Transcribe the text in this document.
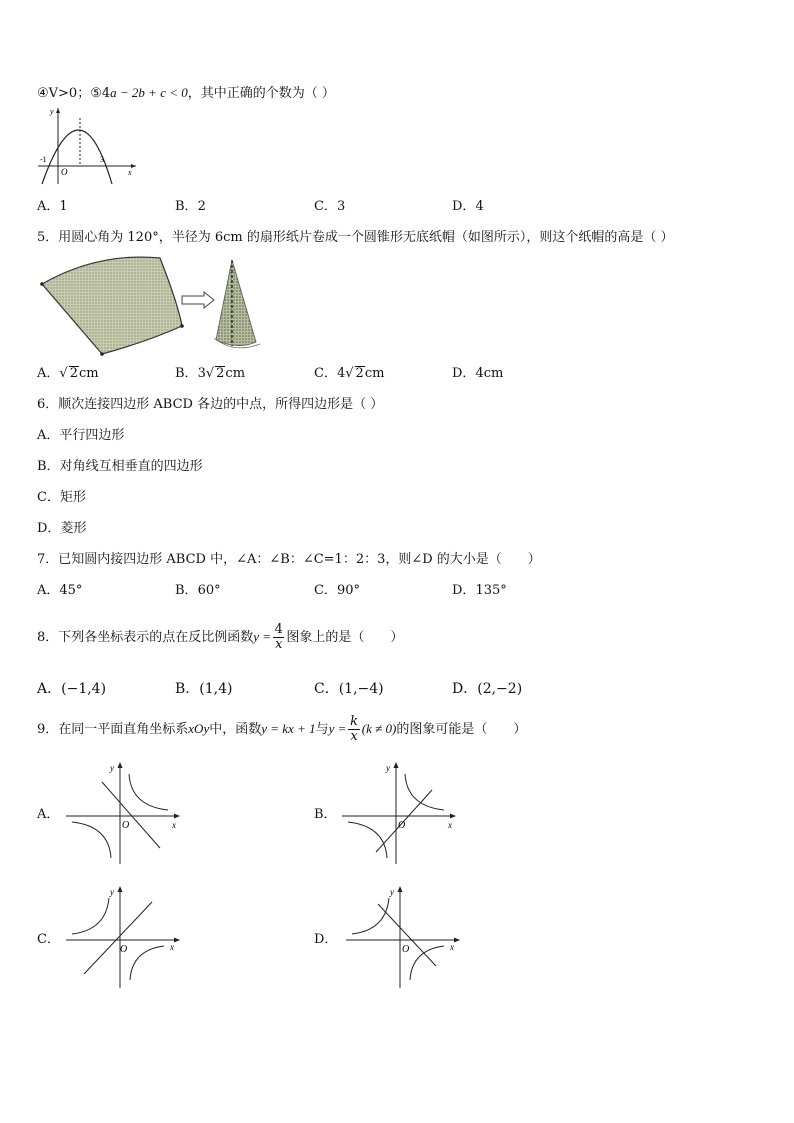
④V>0；⑤4a − 2b + c < 0，其中正确的个数为（ ）
-1	3
O	x
y
A．1	B．2	C．3	D．4
5．用圆心角为 120°，半径为 6cm 的扇形纸片卷成一个圆锥形无底纸帽（如图所示），则这个纸帽的高是（ ）
A．√ 2cm	B．3√ 2cm	C．4√ 2cm	D．4cm
6．顺次连接四边形 ABCD 各边的中点，所得四边形是（ ）
A．平行四边形
B．对角线互相垂直的四边形
C．矩形
D．菱形
7．已知圆内接四边形 ABCD 中，∠A：∠B：∠C=1：2：3，则∠D 的大小是（　　）
A．45°	B．60°	C．90°	D．135°
8．下列各坐标表示的点在反比例函数$y = \frac{4}{x}$ 图象上的是（　　）
A．(−1,4)	B．(1,4)	C．(1,−4)	D．(2,−2)
9．在同一平面直角坐标系xOy中，函数y = kx + 1与$y = \frac{k}{x} (k \ne 0)$的图象可能是（　　）
A．
O	x
y
B．
O	x
y
C．
O	x
y
D．
O	x
y
